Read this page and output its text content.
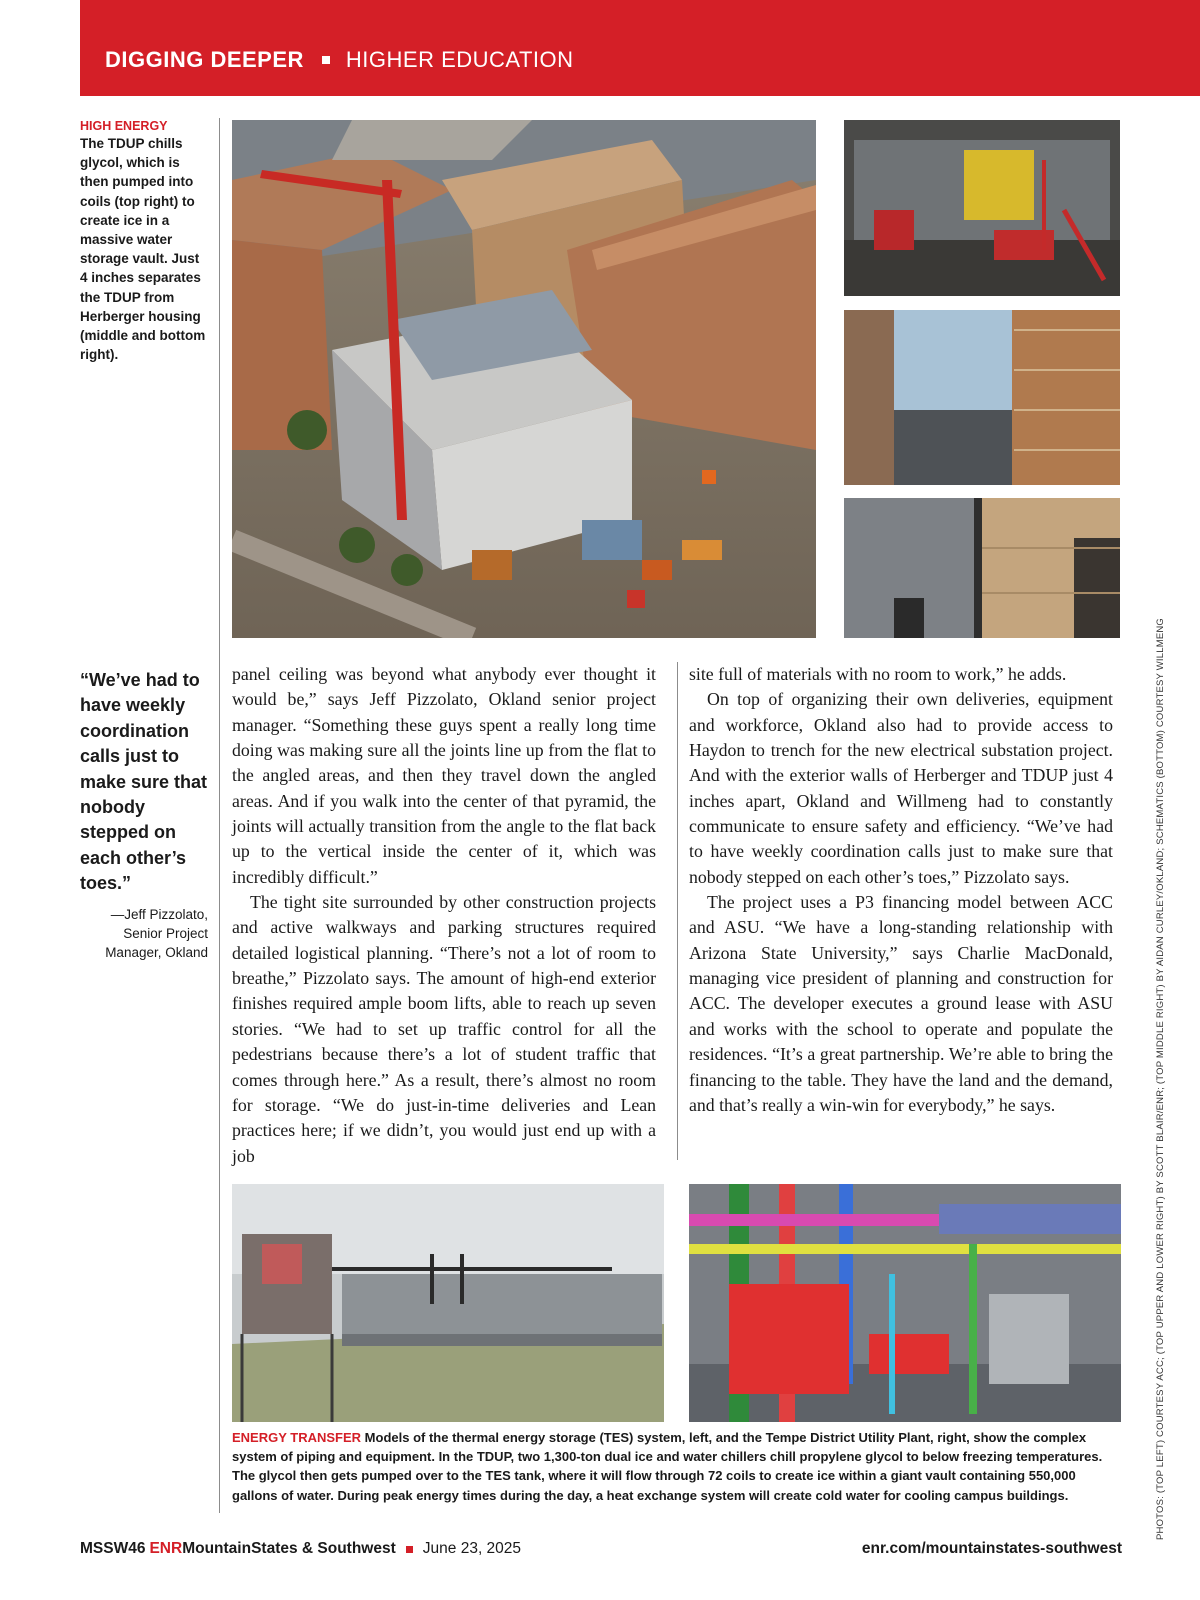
DIGGING DEEPER HIGHER EDUCATION
HIGH ENERGY
The TDUP chills glycol, which is then pumped into coils (top right) to create ice in a massive water storage vault. Just 4 inches separates the TDUP from Herberger housing (middle and bottom right).
“We’ve had to have weekly coordination calls just to make sure that nobody stepped on each other’s toes.”
—Jeff Pizzolato,
Senior Project
Manager, Okland

panel ceiling was beyond what anybody ever thought it would be,” says Jeff Pizzolato, Okland senior project manager. “Something these guys spent a really long time doing was making sure all the joints line up from the flat to the angled areas, and then they travel down the angled areas. And if you walk into the center of that pyramid, the joints will actually transition from the angle to the flat back up to the vertical inside the center of it, which was incredibly difficult.”

The tight site surrounded by other construction projects and active walkways and parking structures required detailed logistical planning. “There’s not a lot of room to breathe,” Pizzolato says. The amount of high-end exterior finishes required ample boom lifts, able to reach up seven stories. “We had to set up traffic control for all the pedestrians because there’s a lot of student traffic that comes through here.” As a result, there’s almost no room for storage. “We do just-in-time deliveries and Lean practices here; if we didn’t, you would just end up with a job

site full of materials with no room to work,” he adds.

On top of organizing their own deliveries, equipment and workforce, Okland also had to provide access to Haydon to trench for the new electrical substation project. And with the exterior walls of Herberger and TDUP just 4 inches apart, Okland and Willmeng had to constantly communicate to ensure safety and efficiency. “We’ve had to have weekly coordination calls just to make sure that nobody stepped on each other’s toes,” Pizzolato says.

The project uses a P3 financing model between ACC and ASU. “We have a long-standing relationship with Arizona State University,” says Charlie MacDonald, managing vice president of planning and construction for ACC. The developer executes a ground lease with ASU and works with the school to operate and populate the residences. “It’s a great partnership. We’re able to bring the financing to the table. They have the land and the demand, and that’s really a win-win for everybody,” he says.

ENERGY TRANSFER Models of the thermal energy storage (TES) system, left, and the Tempe District Utility Plant, right, show the complex system of piping and equipment. In the TDUP, two 1,300-ton dual ice and water chillers chill propylene glycol to below freezing temperatures. The glycol then gets pumped over to the TES tank, where it will flow through 72 coils to create ice within a giant vault containing 550,000 gallons of water. During peak energy times during the day, a heat exchange system will create cold water for cooling campus buildings.	PHOTOS: (TOP LEFT) COURTESY ACC; (TOP UPPER AND LOWER RIGHT) BY SCOTT BLAIR/ENR; (TOP MIDDLE RIGHT) BY AIDAN CURLEY/OKLAND; SCHEMATICS (BOTTOM) COURTESY WILLMENG
MSSW46 ENR MountainStates & Southwest June 23, 2025	enr.com/mountainstates-southwest
